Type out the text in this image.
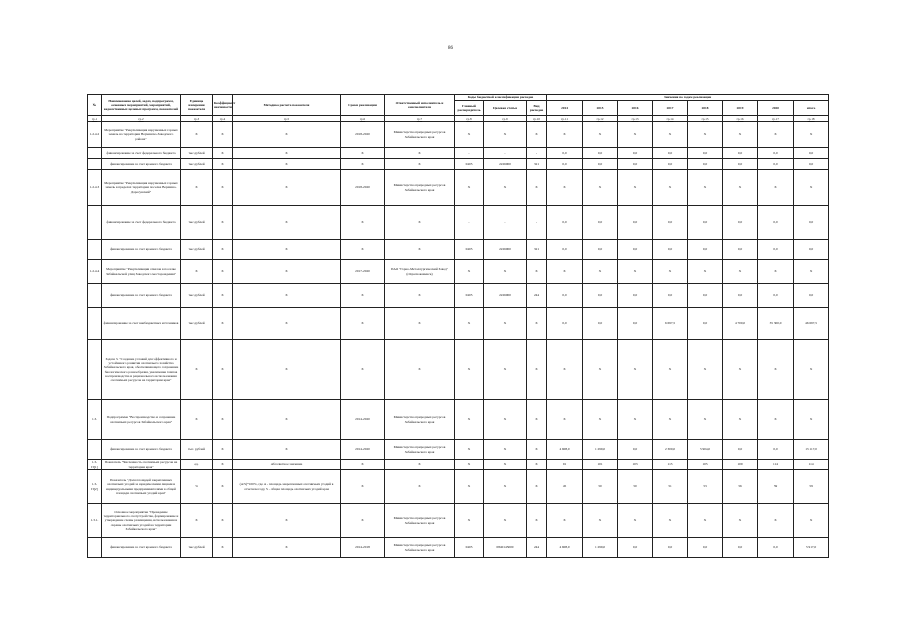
86
№	Наименование целей, задач, подпрограмм, основных мероприятий, мероприятий, ведомственных целевых программ, показателей	Единица измерения показателя	Коэффициент значимости	Методика расчета показателя	Сроки реализации	Ответственный исполнитель и соисполнители	Коды бюджетной классификации расходов			Значения по годам реализации							
							Главный распорядитель	Целевая статья	Вид расходов	2014	2015	2016	2017	2018	2019	2020	итого
гр.1	гр.2	гр.3	гр.4	гр.5	гр.6	гр.7	гр.8	гр.9	гр.10	гр.11	гр.12	гр.13	гр.14	гр.15	гр.16	гр.17	гр.18
1.2.4.2	Мероприятие "Рекультивация нарушенных горных земель на территории Нерчинско-Заводского района"	Х	Х	Х	2018-2020	Министерство природных ресурсов Забайкальского края	Х	Х	Х	Х	Х	Х	Х	Х	Х	Х	Х
	финансирование за счет федерального бюджета	тыс.рублей	Х	Х	Х	Х	-	-	-	0,0	0,0	0,0	0,0	0,0	0,0	0,0	0,0
	финансирование за счет краевого бюджета	тыс.рублей	Х	Х	Х	Х	0405	2226000	321	0,0	0,0	0,0	0,0	0,0	0,0	0,0	0,0
1.2.4.3	Мероприятие "Рекультивация нарушенных горных земель в пределах территории поселка Вершино-Дарасунский"	Х	Х	Х	2018-2020	Министерство природных ресурсов Забайкальского края	Х	Х	Х	Х	Х	Х	Х	Х	Х	Х	Х
	финансирование за счет федерального бюджета	тыс.рублей	Х	Х	Х	Х	-	-	-	0,0	0,0	0,0	0,0	0,0	0,0	0,0	0,0
	финансирование за счет краевого бюджета	тыс.рублей	Х	Х	Х	Х	0405	2226000	321	0,0	0,0	0,0	0,0	0,0	0,0	0,0	0,0
1.2.4.4	Мероприятие "Рекультивация отвалов в поселке Забайкальской улиц Заводского месторождения"	Х	Х	Х	2017-2020	ПАО "Горно-Металлургический Завод" (г.Краснокаменск)	Х	Х	Х	Х	Х	Х	Х	Х	Х	Х	Х
	финансирование за счет краевого бюджета	тыс.рублей	Х	Х	Х	Х	0405	2226000	244	0,0	0,0	0,0	0,0	0,0	0,0	0,0	0,0
	финансирование за счет внебюджетных источников	тыс.рублей	Х	Х	Х	Х	Х	Х	Х	0,0	0,0	0,0	6 697,5	0,0	4 700,0	35 300,0	46 697,5
	Задача 3. "Создание условий для эффективного и устойчивого развития охотничьего хозяйства Забайкальского края, обеспечивающего сохранение биологического разнообразия, увеличение темпов воспроизводства и рационального использования охотничьих ресурсов на территории края"	Х	Х	Х	Х	Х	Х	Х	Х	Х	Х	Х	Х	Х	Х	Х	Х
1.3.	Подпрограмма "Воспроизводство и сохранение охотничьих ресурсов Забайкальского края"	Х	Х	Х	2014-2020	Министерство природных ресурсов Забайкальского края	Х	Х	Х	Х	Х	Х	Х	Х	Х	Х	Х
	финансирование за счет краевого бюджета	тыс. рублей	Х	Х	2014-2020	Министерство природных ресурсов Забайкальского края	Х	Х	Х	4 608,0	1 299,0	0,0	2 300,0	5 904,0	0,0	0,0	13 117,0
1.3-П[1]	Показатель "Численность охотничьих ресурсов на территории края"	ед.	Х	Абсолютное значение	Х	Х	Х	Х	Х	91	101	103	113	105	109	114	114
1.3-П[2]	Показатель "Доля площадей закрепленных охотничьих угодий за юридическими лицами и индивидуальными предпринимателями в общей площади охотничьих угодий края"	%	Х	(A/S)*100%, где A - площадь закрепленных охотничьих угодий в отчетном году, S - общая площадь охотничьих угодий края	Х	Х	Х	Х	Х	45	50	50	51	53	56	59	59
1.3.1.	Основное мероприятие "Проведение территориального охотустройства, формирование и утверждение схемы размещения, использования и охраны охотничьих угодий на территории Забайкальского края"	Х	Х	Х	Х	Министерство природных ресурсов Забайкальского края	Х	Х	Х	Х	Х	Х	Х	Х	Х	Х	Х
	финансирование за счет краевого бюджета	тыс.рублей	Х	Х	2014-2018	Министерство природных ресурсов Забайкальского края	0405	0840145000	244	4 608,0	1 299,0	0,0	0,0	0,0	0,0	0,0	5 917,0
